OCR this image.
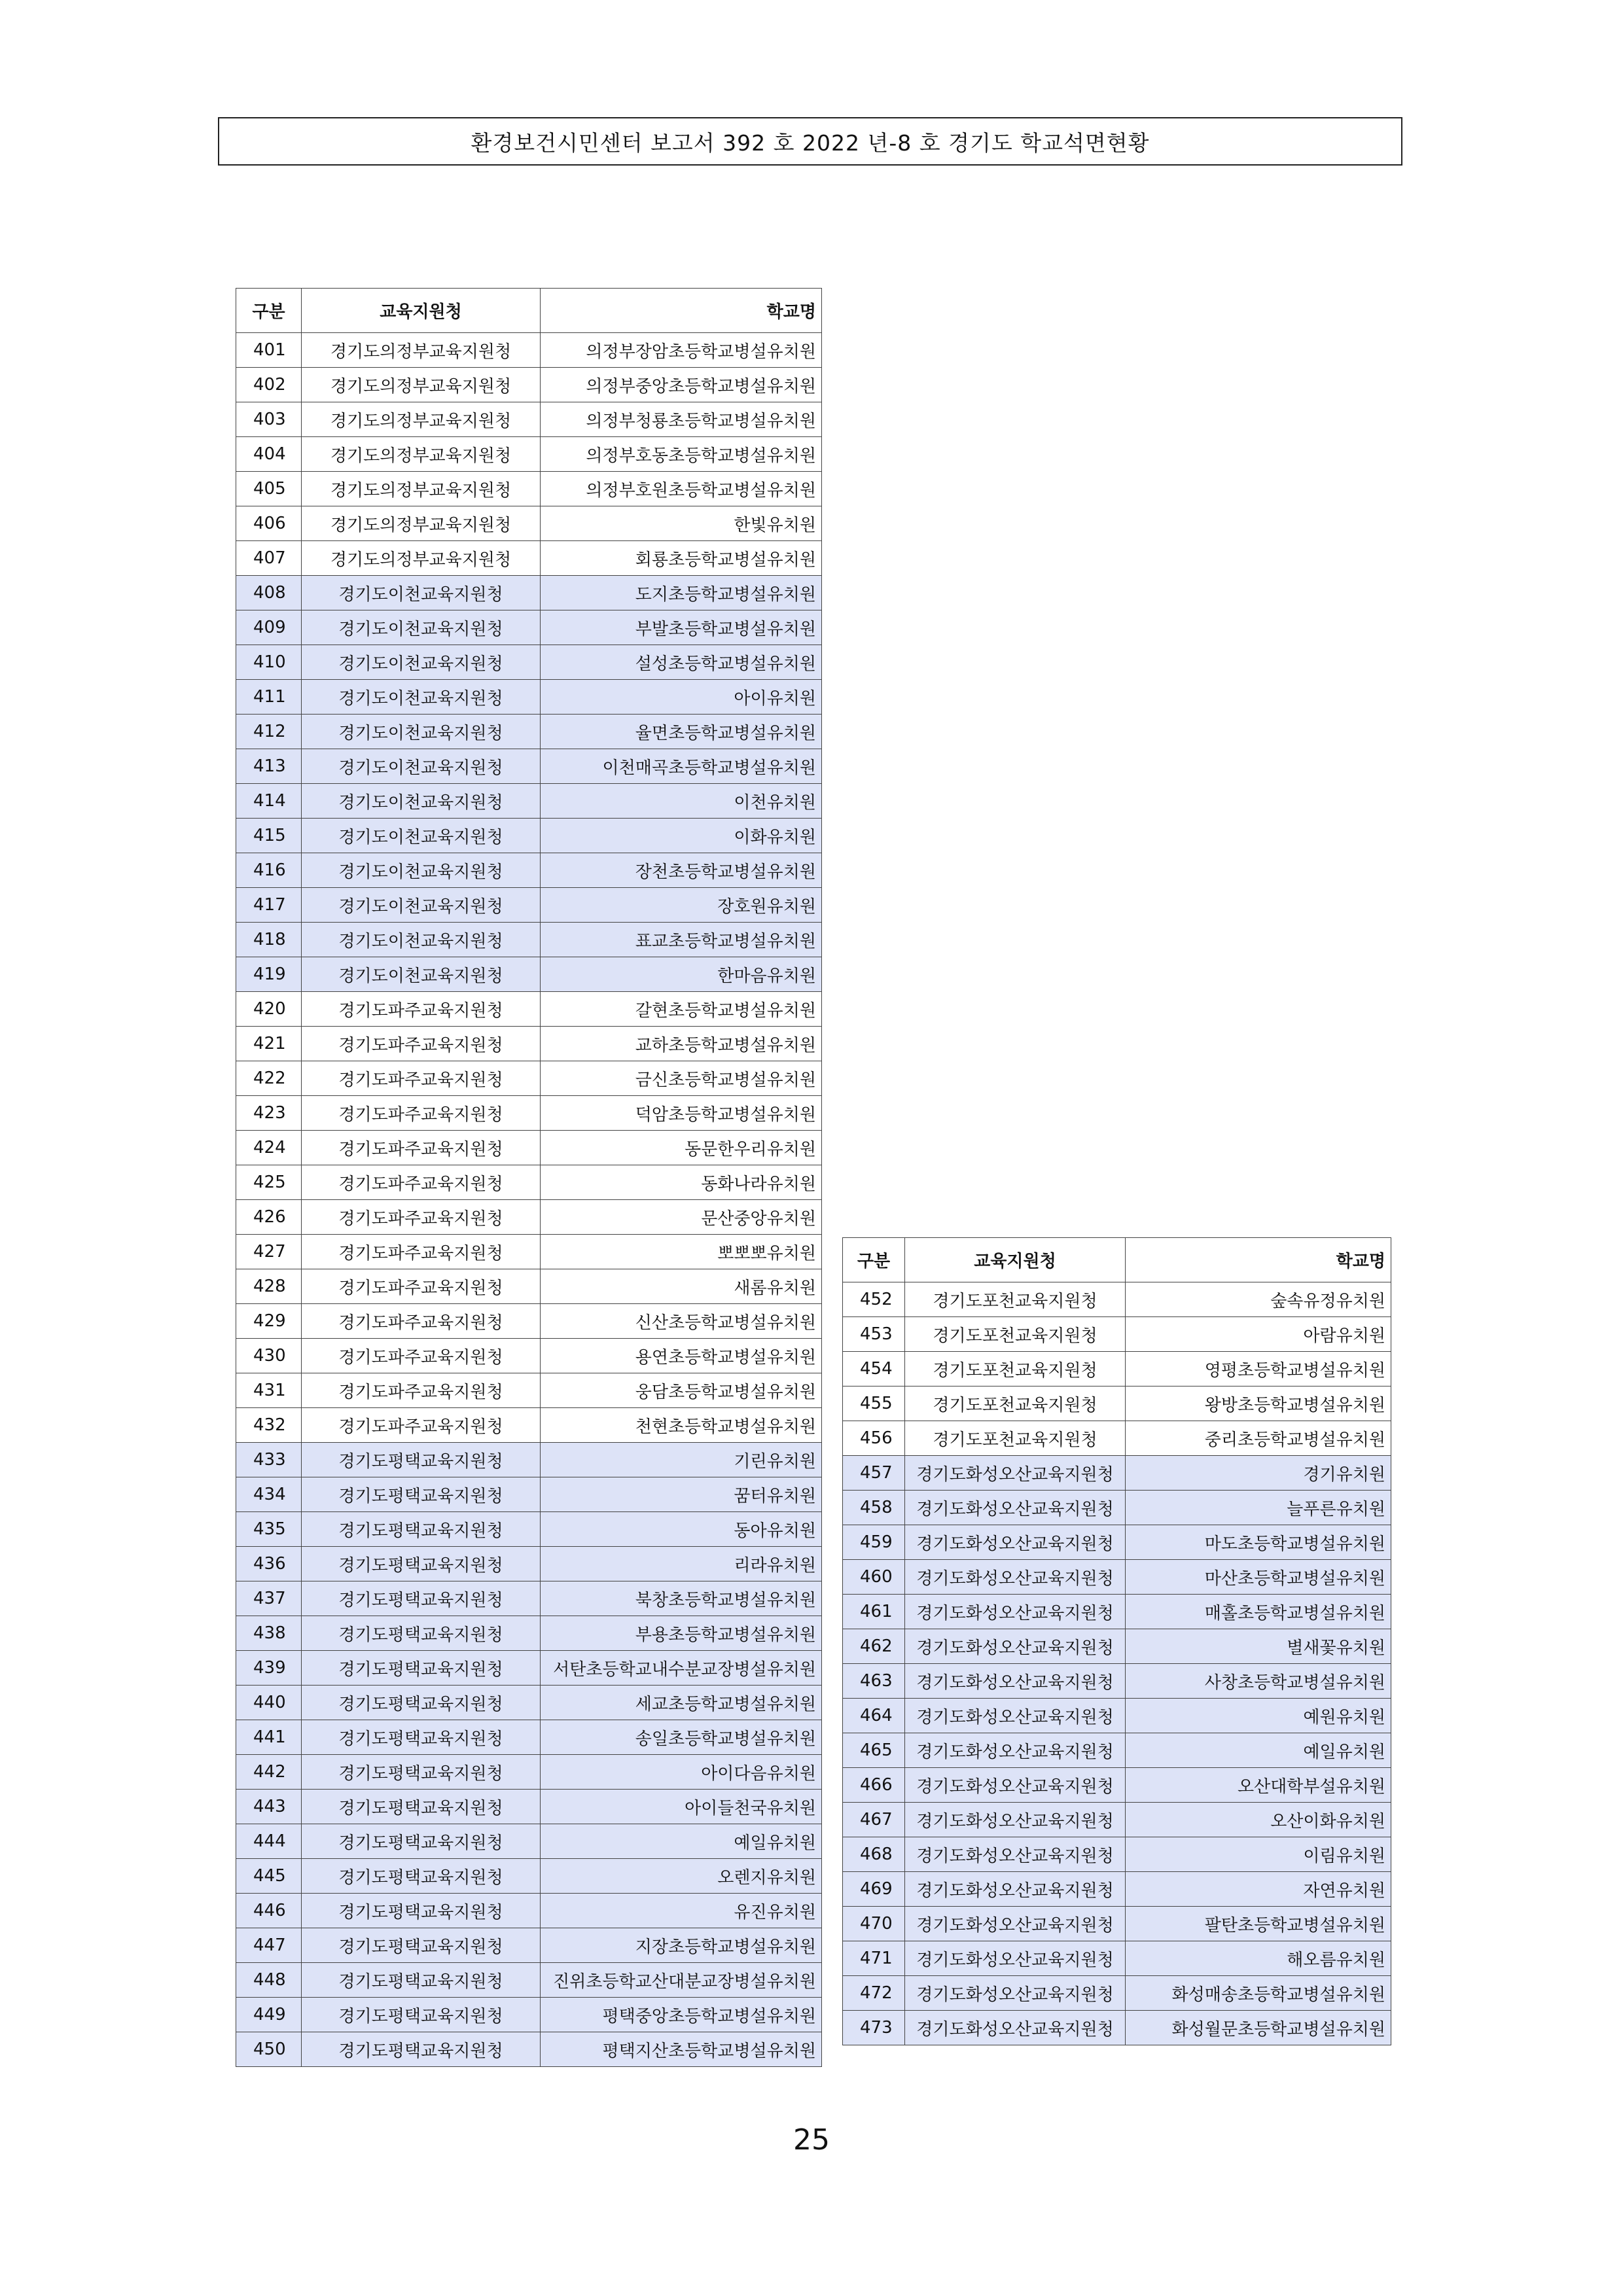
환경보건시민센터 보고서 392 호 2022 년-8 호 경기도 학교석면현황
구분	교육지원청	학교명
401	경기도의정부교육지원청	의정부장암초등학교병설유치원
402	경기도의정부교육지원청	의정부중앙초등학교병설유치원
403	경기도의정부교육지원청	의정부청룡초등학교병설유치원
404	경기도의정부교육지원청	의정부호동초등학교병설유치원
405	경기도의정부교육지원청	의정부호원초등학교병설유치원
406	경기도의정부교육지원청	한빛유치원
407	경기도의정부교육지원청	회룡초등학교병설유치원
408	경기도이천교육지원청	도지초등학교병설유치원
409	경기도이천교육지원청	부발초등학교병설유치원
410	경기도이천교육지원청	설성초등학교병설유치원
411	경기도이천교육지원청	아이유치원
412	경기도이천교육지원청	율면초등학교병설유치원
413	경기도이천교육지원청	이천매곡초등학교병설유치원
414	경기도이천교육지원청	이천유치원
415	경기도이천교육지원청	이화유치원
416	경기도이천교육지원청	장천초등학교병설유치원
417	경기도이천교육지원청	장호원유치원
418	경기도이천교육지원청	표교초등학교병설유치원
419	경기도이천교육지원청	한마음유치원
420	경기도파주교육지원청	갈현초등학교병설유치원
421	경기도파주교육지원청	교하초등학교병설유치원
422	경기도파주교육지원청	금신초등학교병설유치원
423	경기도파주교육지원청	덕암초등학교병설유치원
424	경기도파주교육지원청	동문한우리유치원
425	경기도파주교육지원청	동화나라유치원
426	경기도파주교육지원청	문산중앙유치원
427	경기도파주교육지원청	뽀뽀뽀유치원
428	경기도파주교육지원청	새롬유치원
429	경기도파주교육지원청	신산초등학교병설유치원
430	경기도파주교육지원청	용연초등학교병설유치원
431	경기도파주교육지원청	웅담초등학교병설유치원
432	경기도파주교육지원청	천현초등학교병설유치원
433	경기도평택교육지원청	기린유치원
434	경기도평택교육지원청	꿈터유치원
435	경기도평택교육지원청	동아유치원
436	경기도평택교육지원청	리라유치원
437	경기도평택교육지원청	북창초등학교병설유치원
438	경기도평택교육지원청	부용초등학교병설유치원
439	경기도평택교육지원청	서탄초등학교내수분교장병설유치원
440	경기도평택교육지원청	세교초등학교병설유치원
441	경기도평택교육지원청	송일초등학교병설유치원
442	경기도평택교육지원청	아이다음유치원
443	경기도평택교육지원청	아이들천국유치원
444	경기도평택교육지원청	예일유치원
445	경기도평택교육지원청	오렌지유치원
446	경기도평택교육지원청	유진유치원
447	경기도평택교육지원청	지장초등학교병설유치원
448	경기도평택교육지원청	진위초등학교산대분교장병설유치원
449	경기도평택교육지원청	평택중앙초등학교병설유치원
450	경기도평택교육지원청	평택지산초등학교병설유치원
구분	교육지원청	학교명
452	경기도포천교육지원청	숲속유정유치원
453	경기도포천교육지원청	아람유치원
454	경기도포천교육지원청	영평초등학교병설유치원
455	경기도포천교육지원청	왕방초등학교병설유치원
456	경기도포천교육지원청	중리초등학교병설유치원
457	경기도화성오산교육지원청	경기유치원
458	경기도화성오산교육지원청	늘푸른유치원
459	경기도화성오산교육지원청	마도초등학교병설유치원
460	경기도화성오산교육지원청	마산초등학교병설유치원
461	경기도화성오산교육지원청	매홀초등학교병설유치원
462	경기도화성오산교육지원청	별새꽃유치원
463	경기도화성오산교육지원청	사창초등학교병설유치원
464	경기도화성오산교육지원청	예원유치원
465	경기도화성오산교육지원청	예일유치원
466	경기도화성오산교육지원청	오산대학부설유치원
467	경기도화성오산교육지원청	오산이화유치원
468	경기도화성오산교육지원청	이림유치원
469	경기도화성오산교육지원청	자연유치원
470	경기도화성오산교육지원청	팔탄초등학교병설유치원
471	경기도화성오산교육지원청	해오름유치원
472	경기도화성오산교육지원청	화성매송초등학교병설유치원
473	경기도화성오산교육지원청	화성월문초등학교병설유치원
25
